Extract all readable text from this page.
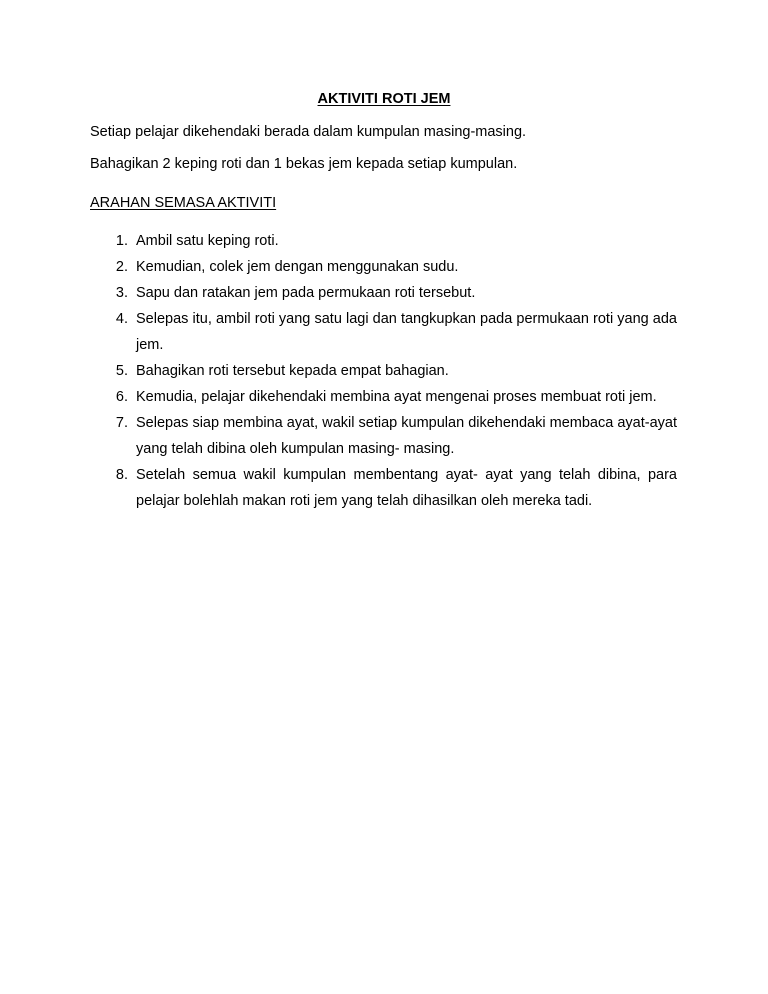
AKTIVITI ROTI JEM
Setiap pelajar dikehendaki berada dalam kumpulan masing-masing.
Bahagikan 2 keping roti dan 1 bekas jem kepada setiap kumpulan.
ARAHAN SEMASA AKTIVITI
1. Ambil satu keping roti.
2. Kemudian, colek jem dengan menggunakan sudu.
3. Sapu dan ratakan jem pada permukaan roti tersebut.
4. Selepas itu, ambil roti yang satu lagi dan tangkupkan pada permukaan roti yang ada jem.
5. Bahagikan roti tersebut kepada empat bahagian.
6. Kemudia, pelajar dikehendaki membina ayat mengenai proses membuat roti jem.
7. Selepas siap membina ayat, wakil setiap kumpulan dikehendaki membaca ayat-ayat yang telah dibina oleh kumpulan masing- masing.
8. Setelah semua wakil kumpulan membentang ayat- ayat yang telah dibina, para pelajar bolehlah makan roti jem yang telah dihasilkan oleh mereka tadi.
